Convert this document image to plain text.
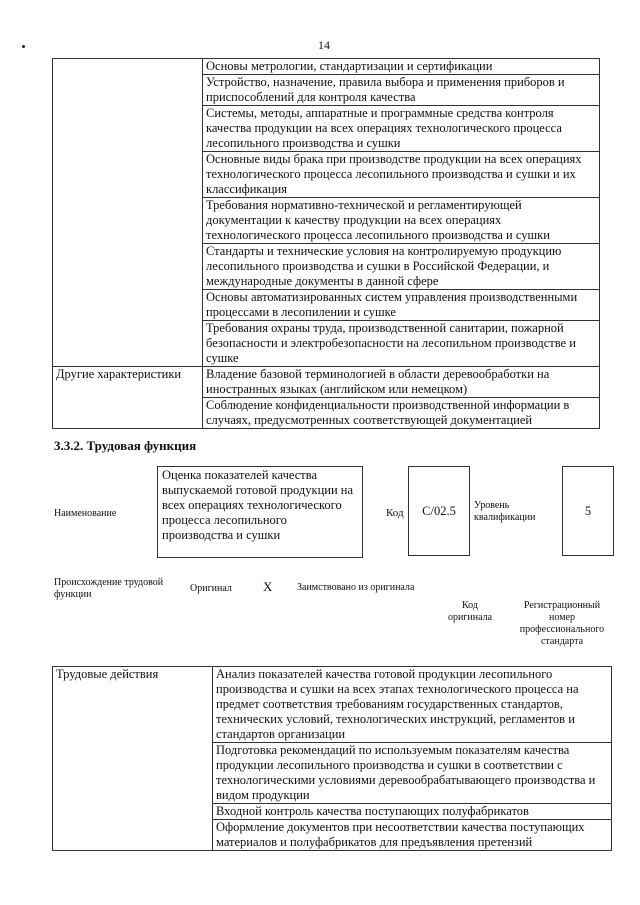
14
	Основы метрологии, стандартизации и сертификации
	Устройство, назначение, правила выбора и применения приборов и приспособлений для контроля качества
	Системы, методы, аппаратные и программные средства контроля качества продукции на всех операциях технологического процесса лесопильного производства и сушки
	Основные виды брака при производстве продукции на всех операциях технологического процесса лесопильного производства и сушки и их классификация
	Требования нормативно-технической и регламентирующей документации к качеству продукции на всех операциях технологического процесса лесопильного производства и сушки
	Стандарты и технические условия на контролируемую продукцию лесопильного производства и сушки в Российской Федерации, и международные документы в данной сфере
	Основы автоматизированных систем управления производственными процессами в лесопилении и сушке
	Требования охраны труда, производственной санитарии, пожарной безопасности и электробезопасности на лесопильном производстве и сушке
Другие характеристики	Владение базовой терминологией в области деревообработки на иностранных языках (английском или немецком)
	Соблюдение конфиденциальности производственной информации в случаях, предусмотренных соответствующей документацией
3.3.2. Трудовая функция
Наименование
Оценка показателей качества выпускаемой готовой продукции на всех операциях технологического процесса лесопильного производства и сушки
Код	C/02.5	Уровень квалификации	5
Происхождение трудовой функции
Оригинал X Заимствовано из оригинала
Код оригинала
Регистрационный номер профессионального стандарта
Трудовые действия	Анализ показателей качества готовой продукции лесопильного производства и сушки на всех этапах технологического процесса на предмет соответствия требованиям государственных стандартов, технических условий, технологических инструкций, регламентов и стандартов организации
Подготовка рекомендаций по используемым показателям качества продукции лесопильного производства и сушки в соответствии с технологическими условиями деревообрабатывающего производства и видом продукции
Входной контроль качества поступающих полуфабрикатов
Оформление документов при несоответствии качества поступающих материалов и полуфабрикатов для предъявления претензий
